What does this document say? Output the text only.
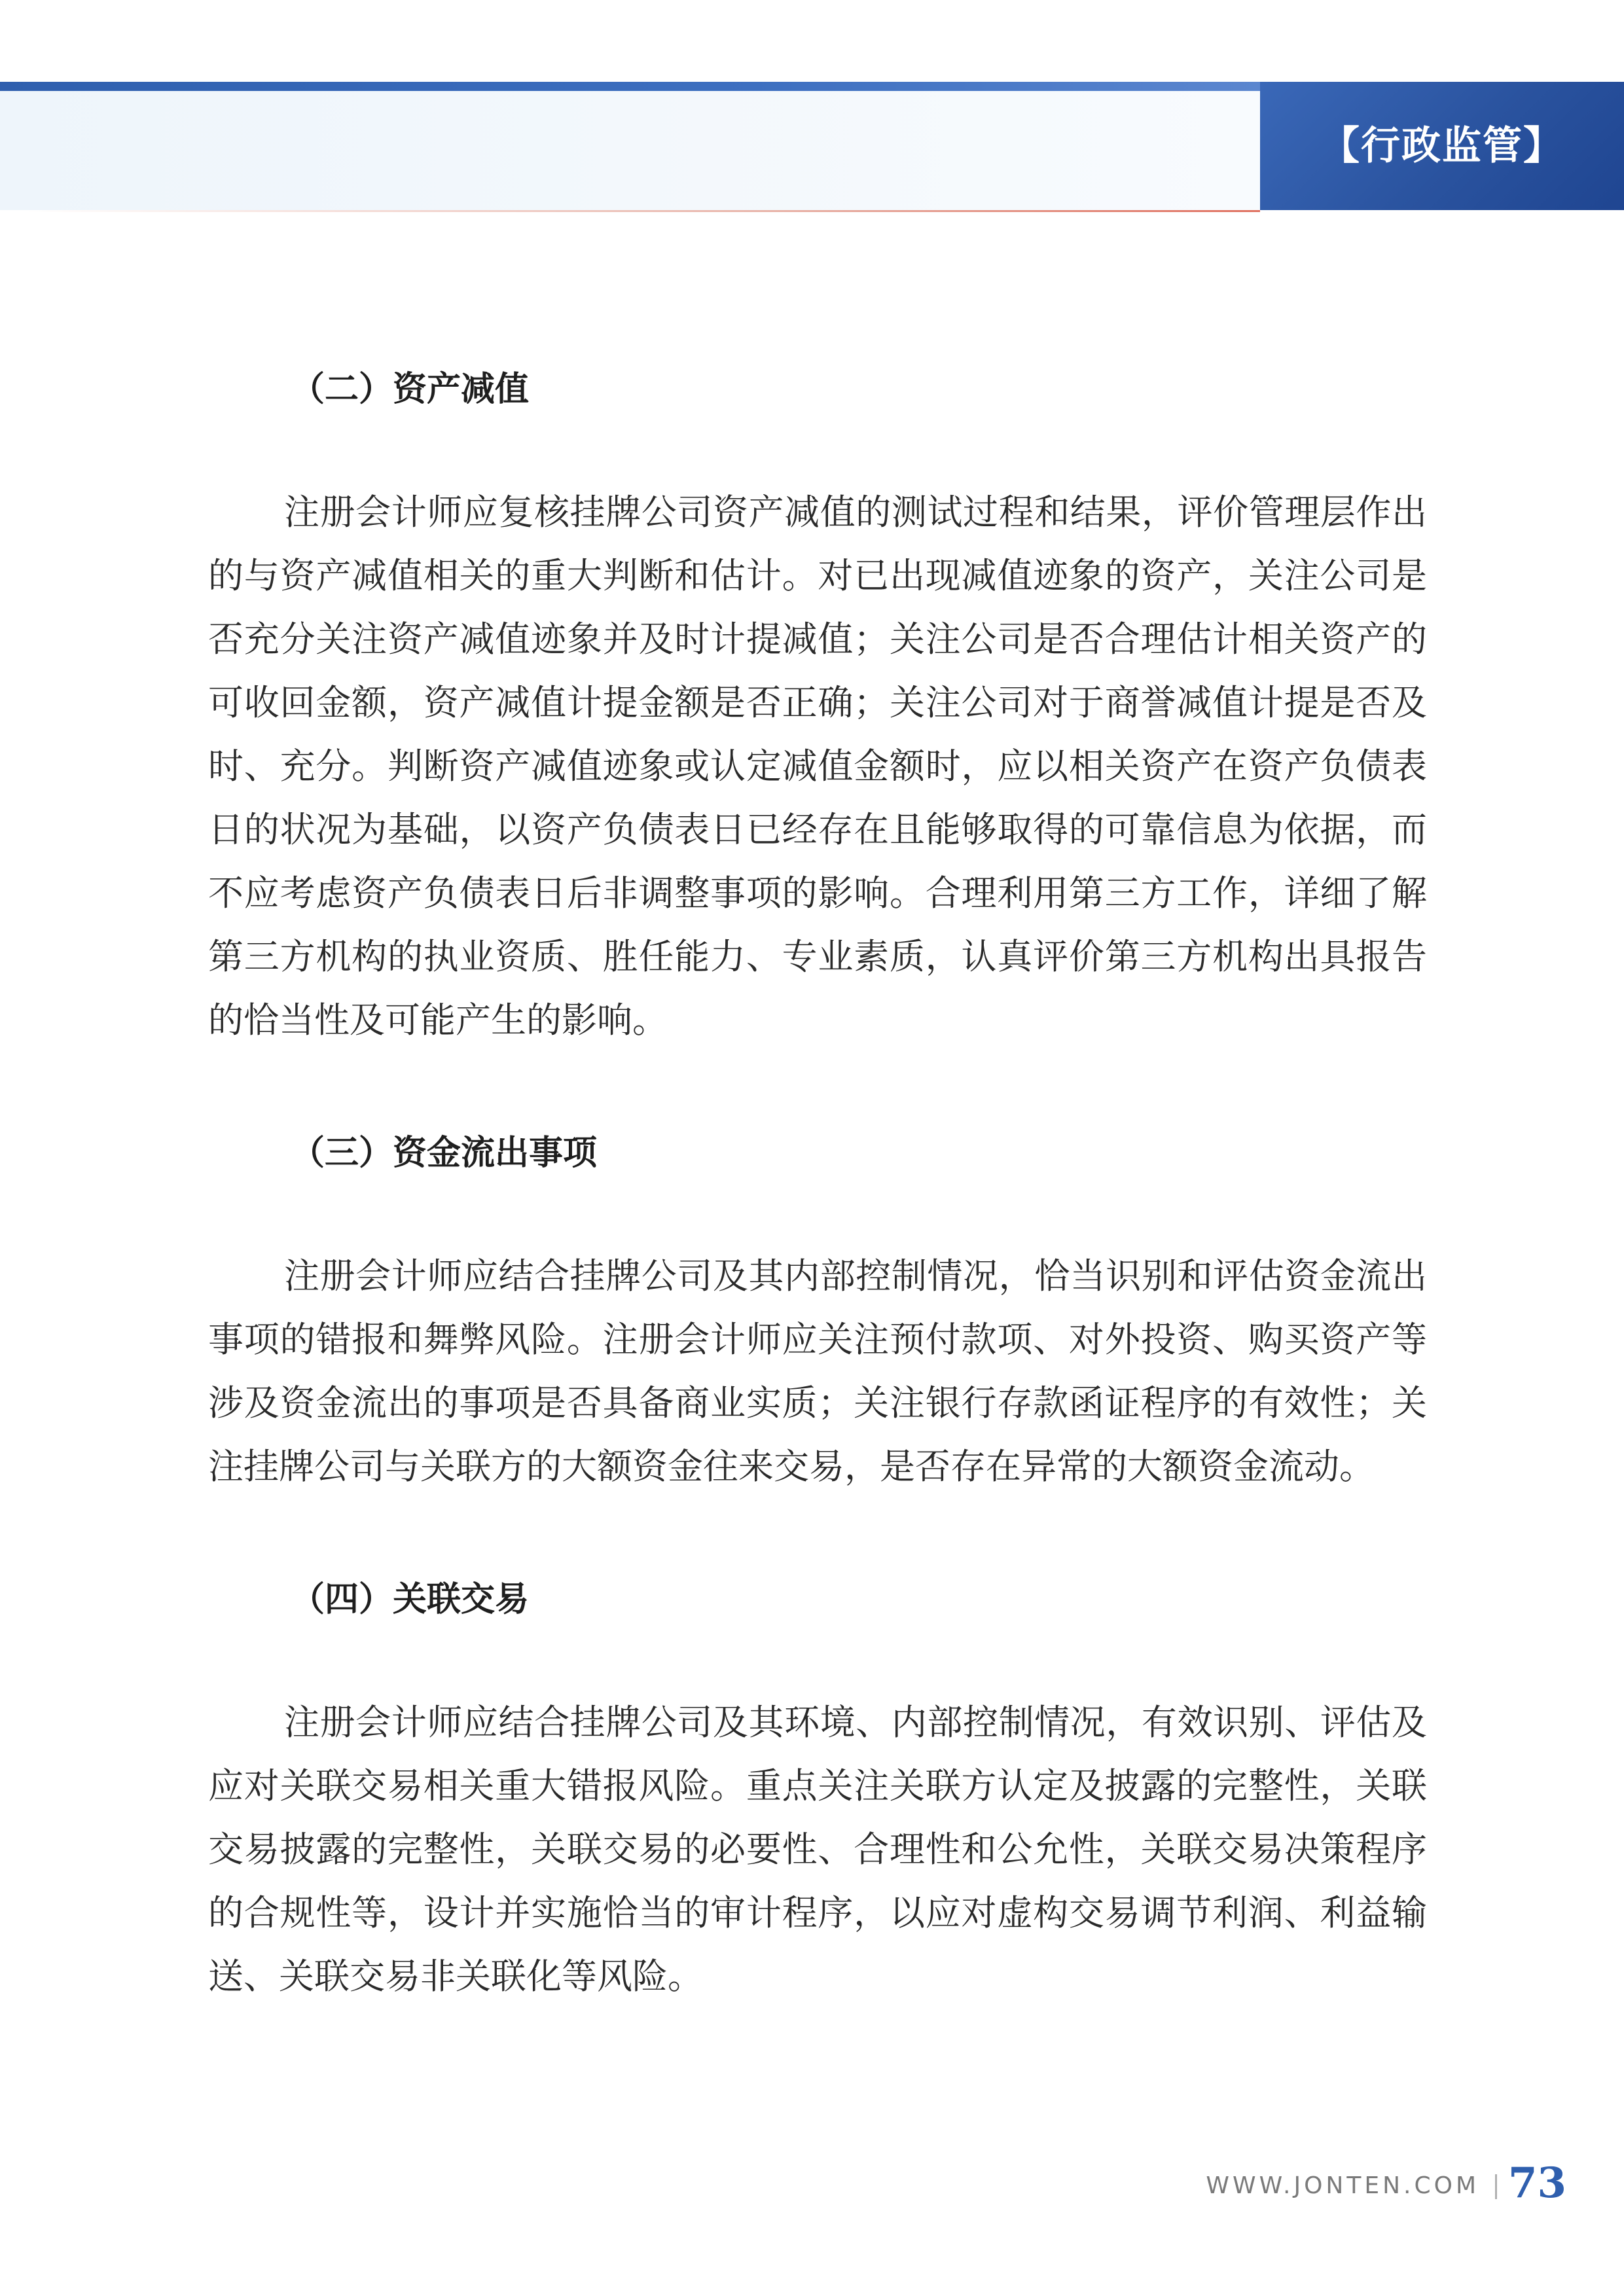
【行政监管】
（二）资产减值

注册会计师应复核挂牌公司资产减值的测试过程和结果，评价管理层作出的与资产减值相关的重大判断和估计。对已出现减值迹象的资产，关注公司是否充分关注资产减值迹象并及时计提减值；关注公司是否合理估计相关资产的可收回金额，资产减值计提金额是否正确；关注公司对于商誉减值计提是否及时、充分。判断资产减值迹象或认定减值金额时，应以相关资产在资产负债表日的状况为基础，以资产负债表日已经存在且能够取得的可靠信息为依据，而不应考虑资产负债表日后非调整事项的影响。合理利用第三方工作，详细了解第三方机构的执业资质、胜任能力、专业素质，认真评价第三方机构出具报告的恰当性及可能产生的影响。

（三）资金流出事项

注册会计师应结合挂牌公司及其内部控制情况，恰当识别和评估资金流出事项的错报和舞弊风险。注册会计师应关注预付款项、对外投资、购买资产等涉及资金流出的事项是否具备商业实质；关注银行存款函证程序的有效性；关注挂牌公司与关联方的大额资金往来交易，是否存在异常的大额资金流动。

（四）关联交易

注册会计师应结合挂牌公司及其环境、内部控制情况，有效识别、评估及应对关联交易相关重大错报风险。重点关注关联方认定及披露的完整性，关联交易披露的完整性，关联交易的必要性、合理性和公允性，关联交易决策程序的合规性等，设计并实施恰当的审计程序，以应对虚构交易调节利润、利益输送、关联交易非关联化等风险。

WWW.JONTEN.COM 73
